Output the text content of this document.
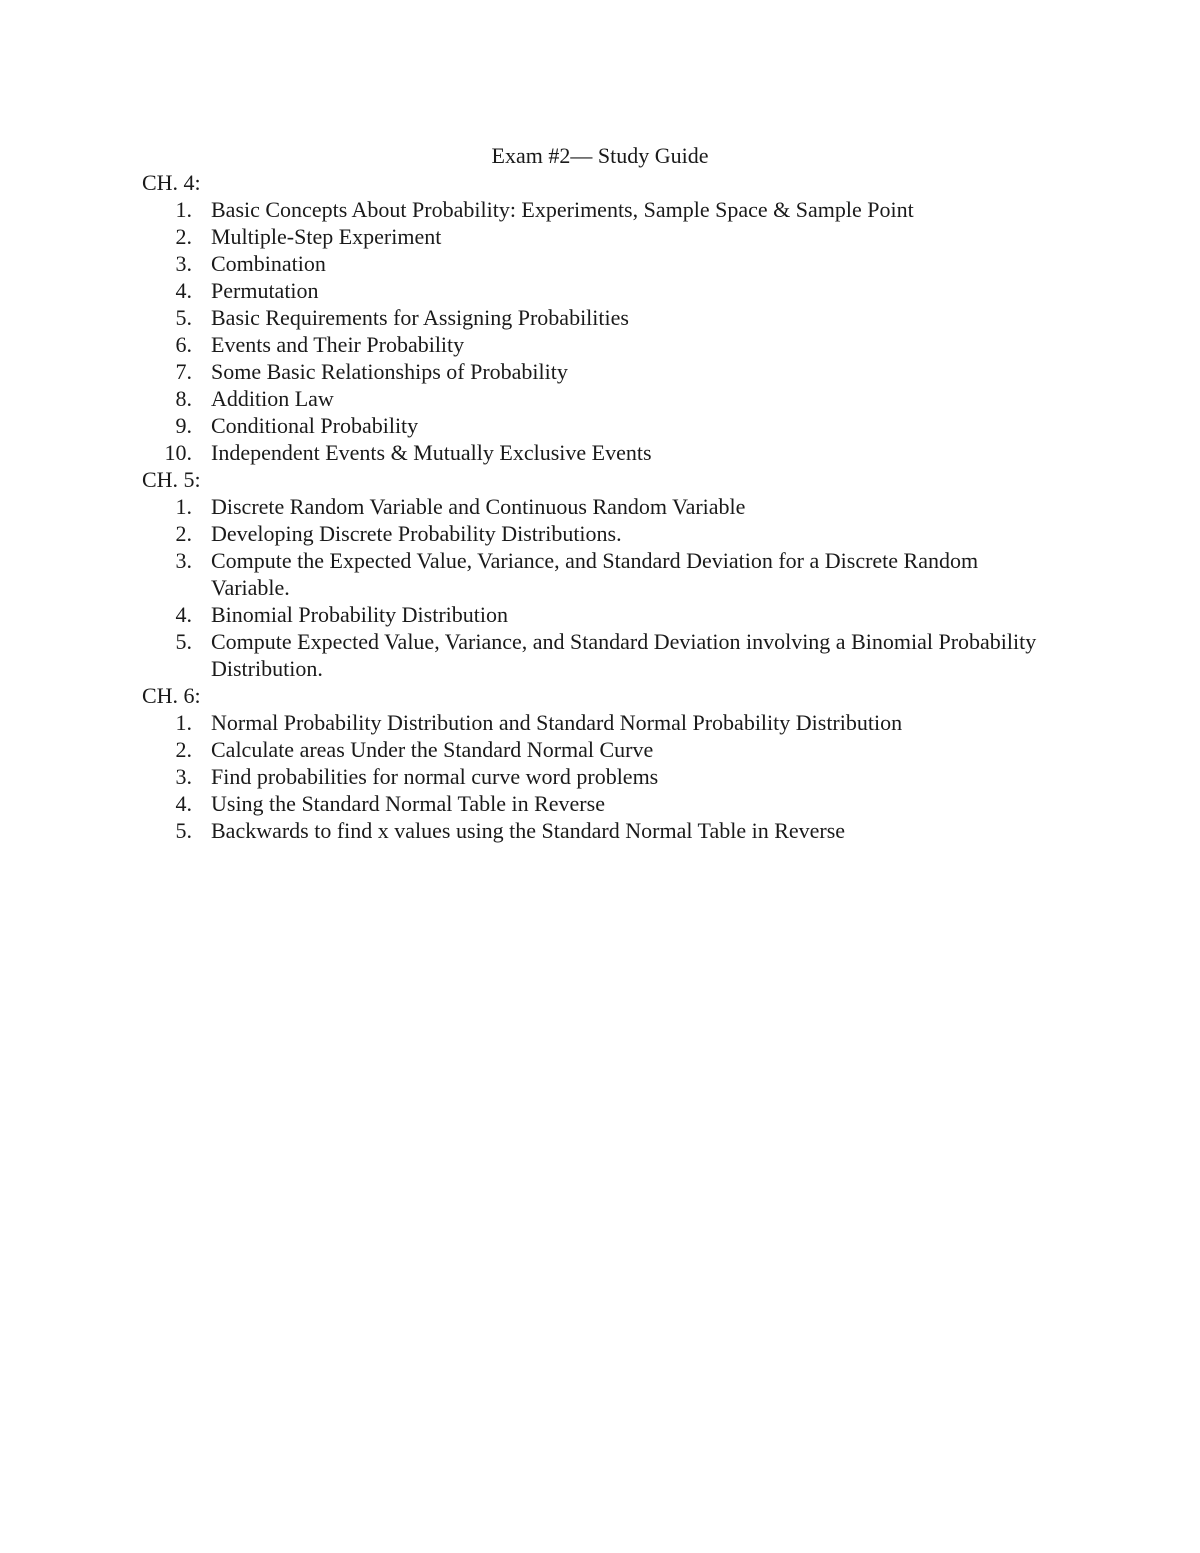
Exam #2— Study Guide
CH. 4:
1. Basic Concepts About Probability: Experiments, Sample Space & Sample Point
2. Multiple-Step Experiment
3. Combination
4. Permutation
5. Basic Requirements for Assigning Probabilities
6. Events and Their Probability
7. Some Basic Relationships of Probability
8. Addition Law
9. Conditional Probability
10. Independent Events & Mutually Exclusive Events
CH. 5:
1. Discrete Random Variable and Continuous Random Variable
2. Developing Discrete Probability Distributions.
3. Compute the Expected Value, Variance, and Standard Deviation for a Discrete Random Variable.
4. Binomial Probability Distribution
5. Compute Expected Value, Variance, and Standard Deviation involving a Binomial Probability Distribution.
CH. 6:
1. Normal Probability Distribution and Standard Normal Probability Distribution
2. Calculate areas Under the Standard Normal Curve
3. Find probabilities for normal curve word problems
4. Using the Standard Normal Table in Reverse
5. Backwards to find x values using the Standard Normal Table in Reverse
